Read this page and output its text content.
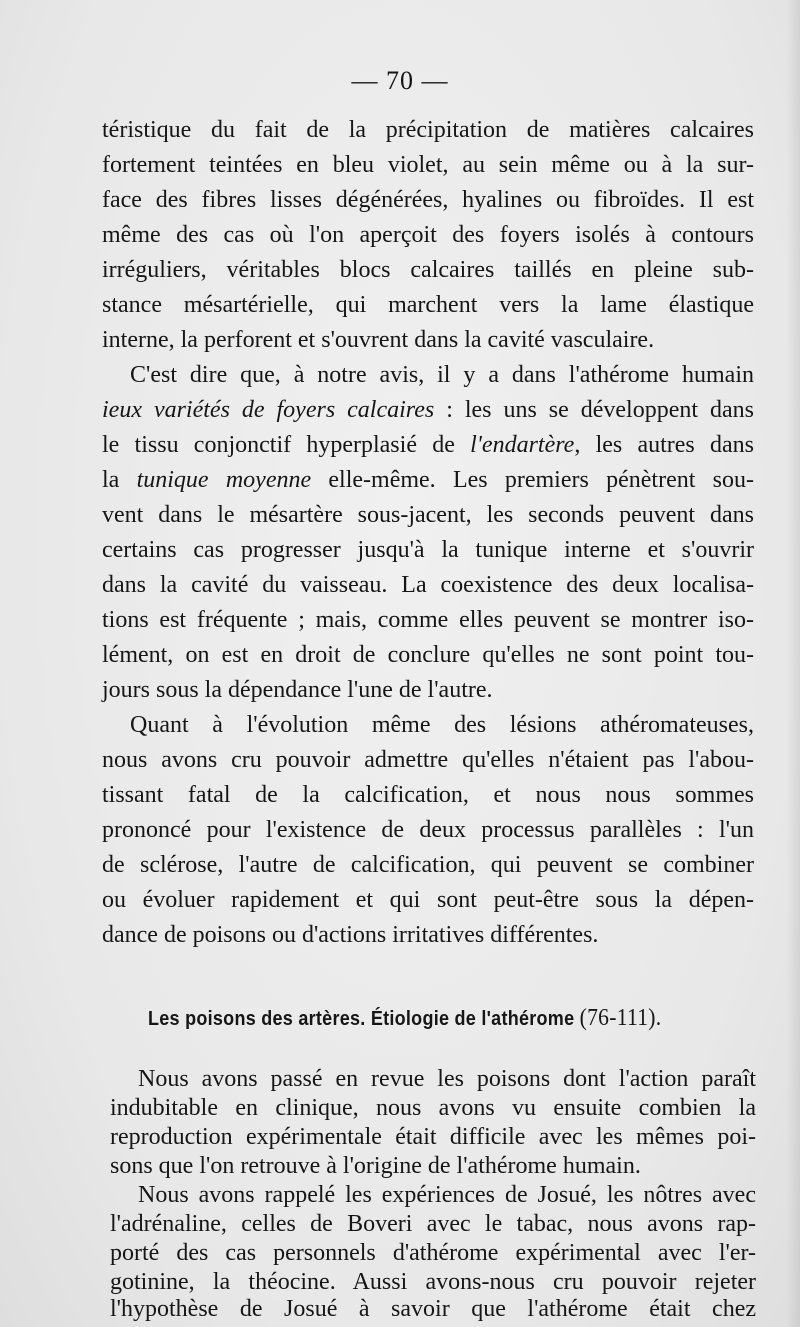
— 70 —
téristique du fait de la précipitation de matières calcaires
fortement teintées en bleu violet, au sein même ou à la sur-
face des fibres lisses dégénérées, hyalines ou fibroïdes. Il est
même des cas où l'on aperçoit des foyers isolés à contours
irréguliers, véritables blocs calcaires taillés en pleine sub-
stance mésartérielle, qui marchent vers la lame élastique
interne, la perforent et s'ouvrent dans la cavité vasculaire.
C'est dire que, à notre avis, il y a dans l'athérome humain
ieux variétés de foyers calcaires : les uns se développent dans
le tissu conjonctif hyperplasié de l'endartère, les autres dans
la tunique moyenne elle-même. Les premiers pénètrent sou-
vent dans le mésartère sous-jacent, les seconds peuvent dans
certains cas progresser jusqu'à la tunique interne et s'ouvrir
dans la cavité du vaisseau. La coexistence des deux localisa-
tions est fréquente ; mais, comme elles peuvent se montrer iso-
lément, on est en droit de conclure qu'elles ne sont point tou-
jours sous la dépendance l'une de l'autre.
Quant à l'évolution même des lésions athéromateuses,
nous avons cru pouvoir admettre qu'elles n'étaient pas l'abou-
tissant fatal de la calcification, et nous nous sommes
prononcé pour l'existence de deux processus parallèles : l'un
de sclérose, l'autre de calcification, qui peuvent se combiner
ou évoluer rapidement et qui sont peut-être sous la dépen-
dance de poisons ou d'actions irritatives différentes.
Les poisons des artères. Étiologie de l'athérome (76-111).
Nous avons passé en revue les poisons dont l'action paraît
indubitable en clinique, nous avons vu ensuite combien la
reproduction expérimentale était difficile avec les mêmes poi-
sons que l'on retrouve à l'origine de l'athérome humain.
Nous avons rappelé les expériences de Josué, les nôtres avec
l'adrénaline, celles de Boveri avec le tabac, nous avons rap-
porté des cas personnels d'athérome expérimental avec l'er-
gotinine, la théocine. Aussi avons-nous cru pouvoir rejeter
l'hypothèse de Josué à savoir que l'athérome était chez
